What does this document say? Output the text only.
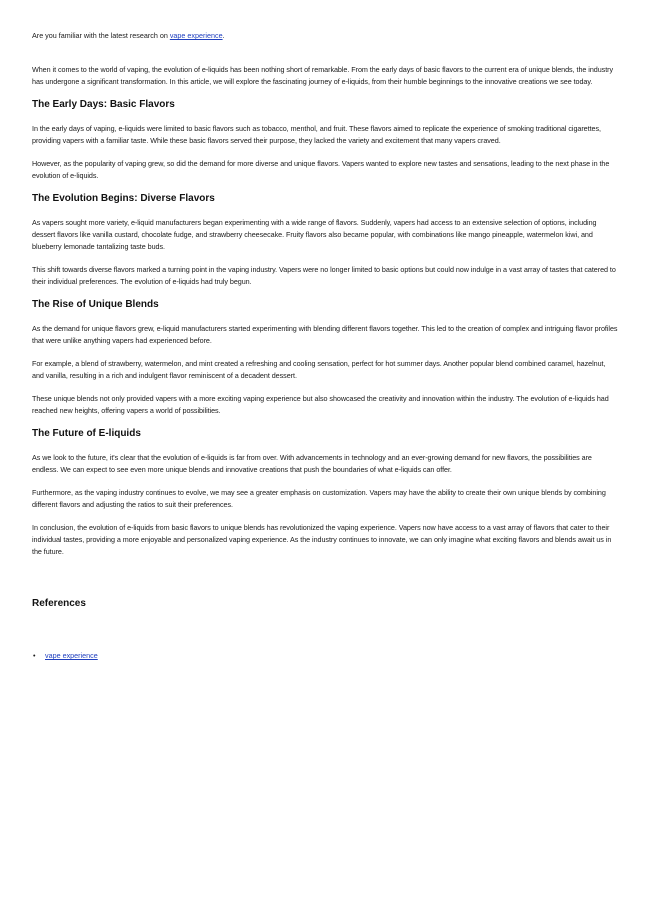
Are you familiar with the latest research on vape experience.

When it comes to the world of vaping, the evolution of e-liquids has been nothing short of remarkable. From the early days of basic flavors to the current era of unique blends, the industry has undergone a significant transformation. In this article, we will explore the fascinating journey of e-liquids, from their humble beginnings to the innovative creations we see today.

The Early Days: Basic Flavors

In the early days of vaping, e-liquids were limited to basic flavors such as tobacco, menthol, and fruit. These flavors aimed to replicate the experience of smoking traditional cigarettes, providing vapers with a familiar taste. While these basic flavors served their purpose, they lacked the variety and excitement that many vapers craved.

However, as the popularity of vaping grew, so did the demand for more diverse and unique flavors. Vapers wanted to explore new tastes and sensations, leading to the next phase in the evolution of e-liquids.

The Evolution Begins: Diverse Flavors

As vapers sought more variety, e-liquid manufacturers began experimenting with a wide range of flavors. Suddenly, vapers had access to an extensive selection of options, including dessert flavors like vanilla custard, chocolate fudge, and strawberry cheesecake. Fruity flavors also became popular, with combinations like mango pineapple, watermelon kiwi, and blueberry lemonade tantalizing taste buds.

This shift towards diverse flavors marked a turning point in the vaping industry. Vapers were no longer limited to basic options but could now indulge in a vast array of tastes that catered to their individual preferences. The evolution of e-liquids had truly begun.

The Rise of Unique Blends

As the demand for unique flavors grew, e-liquid manufacturers started experimenting with blending different flavors together. This led to the creation of complex and intriguing flavor profiles that were unlike anything vapers had experienced before.

For example, a blend of strawberry, watermelon, and mint created a refreshing and cooling sensation, perfect for hot summer days. Another popular blend combined caramel, hazelnut, and vanilla, resulting in a rich and indulgent flavor reminiscent of a decadent dessert.

These unique blends not only provided vapers with a more exciting vaping experience but also showcased the creativity and innovation within the industry. The evolution of e-liquids had reached new heights, offering vapers a world of possibilities.

The Future of E-liquids

As we look to the future, it's clear that the evolution of e-liquids is far from over. With advancements in technology and an ever-growing demand for new flavors, the possibilities are endless. We can expect to see even more unique blends and innovative creations that push the boundaries of what e-liquids can offer.

Furthermore, as the vaping industry continues to evolve, we may see a greater emphasis on customization. Vapers may have the ability to create their own unique blends by combining different flavors and adjusting the ratios to suit their preferences.

In conclusion, the evolution of e-liquids from basic flavors to unique blends has revolutionized the vaping experience. Vapers now have access to a vast array of flavors that cater to their individual tastes, providing a more enjoyable and personalized vaping experience. As the industry continues to innovate, we can only imagine what exciting flavors and blends await us in the future.

References
• vape experience
